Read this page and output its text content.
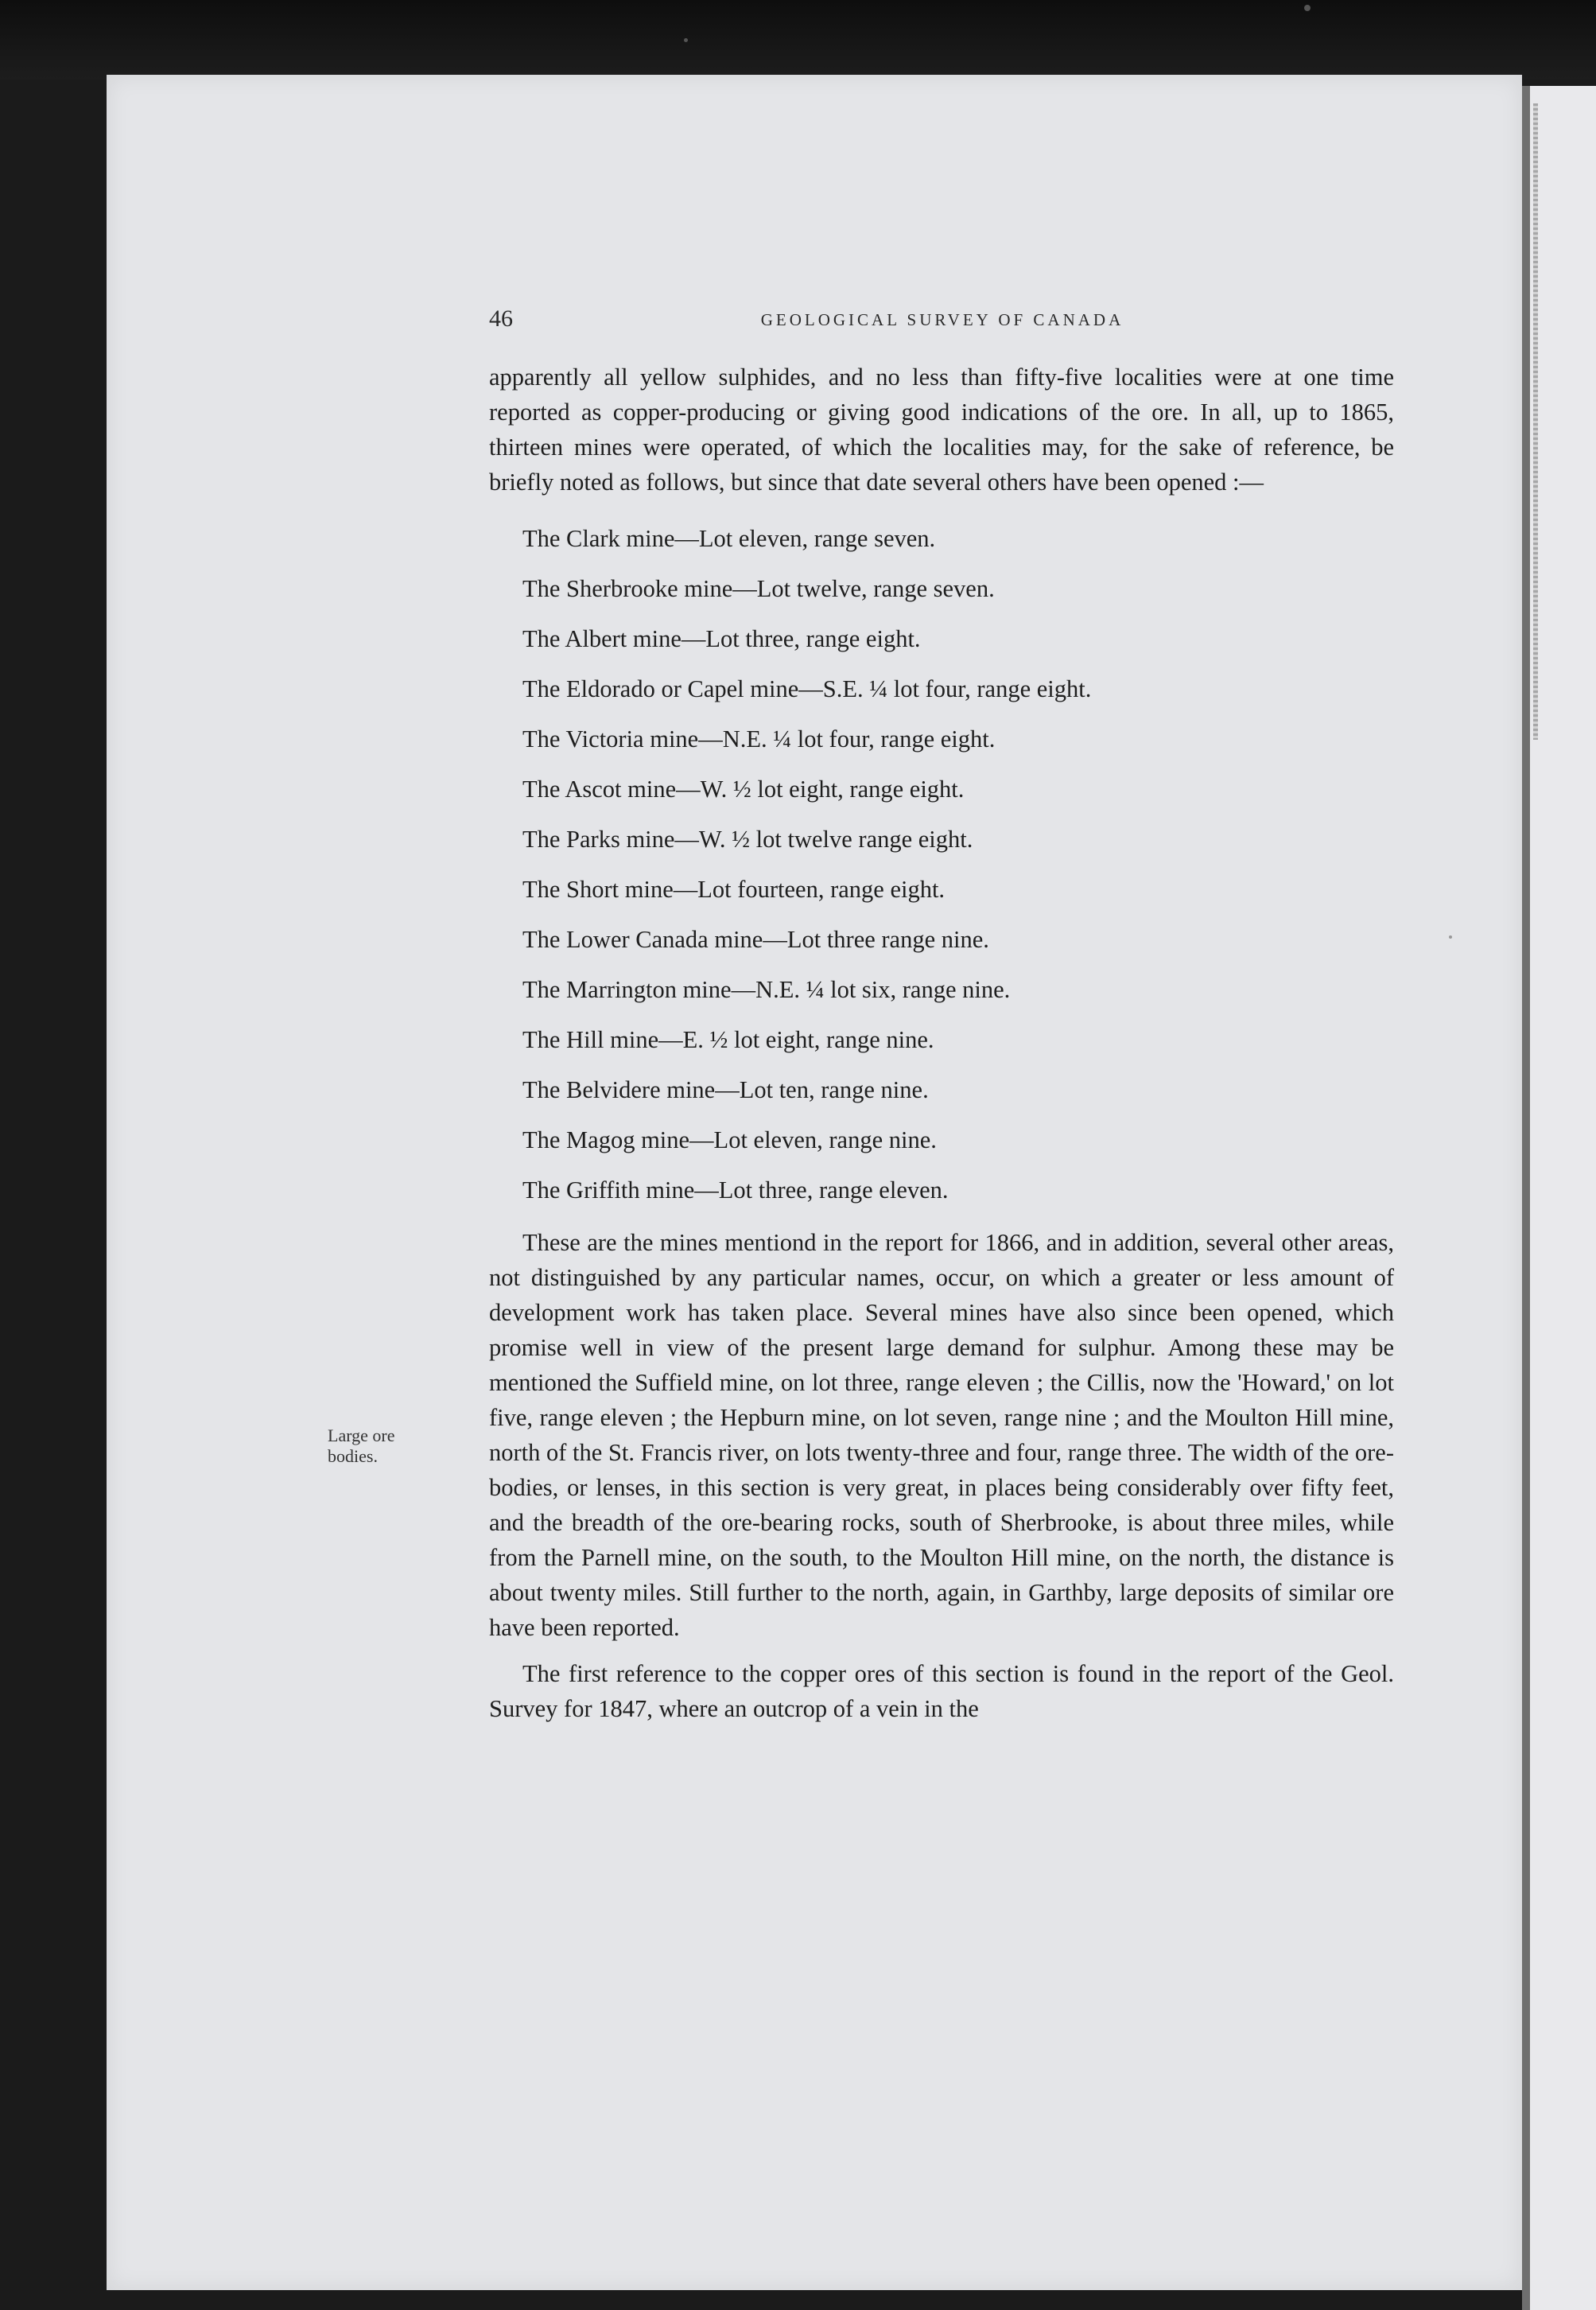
46	GEOLOGICAL SURVEY OF CANADA

apparently all yellow sulphides, and no less than fifty-five localities were at one time reported as copper-producing or giving good indications of the ore. In all, up to 1865, thirteen mines were operated, of which the localities may, for the sake of reference, be briefly noted as follows, but since that date several others have been opened :—

The Clark mine—Lot eleven, range seven.

The Sherbrooke mine—Lot twelve, range seven.

The Albert mine—Lot three, range eight.

The Eldorado or Capel mine—S.E. ¼ lot four, range eight.

The Victoria mine—N.E. ¼ lot four, range eight.

The Ascot mine—W. ½ lot eight, range eight.

The Parks mine—W. ½ lot twelve range eight.

The Short mine—Lot fourteen, range eight.

The Lower Canada mine—Lot three range nine.

The Marrington mine—N.E. ¼ lot six, range nine.

The Hill mine—E. ½ lot eight, range nine.

The Belvidere mine—Lot ten, range nine.

The Magog mine—Lot eleven, range nine.

The Griffith mine—Lot three, range eleven.

These are the mines mentiond in the report for 1866, and in addition, several other areas, not distinguished by any particular names, occur, on which a greater or less amount of development work has taken place. Several mines have also since been opened, which promise well in view of the present large demand for sulphur. Among these may be mentioned the Suffield mine, on lot three, range eleven ; the Cillis, now the 'Howard,' on lot five, range eleven ; the Hepburn mine, on lot seven, range nine ; and the Moulton Hill mine, north of the St. Francis river, on lots twenty-three and four, range three. The width of the ore-bodies, or lenses, in this section is very great, in places being considerably over fifty feet, and the breadth of the ore-bearing rocks, south of Sherbrooke, is about three miles, while from the Parnell mine, on the south, to the Moulton Hill mine, on the north, the distance is about twenty miles. Still further to the north, again, in Garthby, large deposits of similar ore have been reported.

The first reference to the copper ores of this section is found in the report of the Geol. Survey for 1847, where an outcrop of a vein in the

Large ore bodies.
